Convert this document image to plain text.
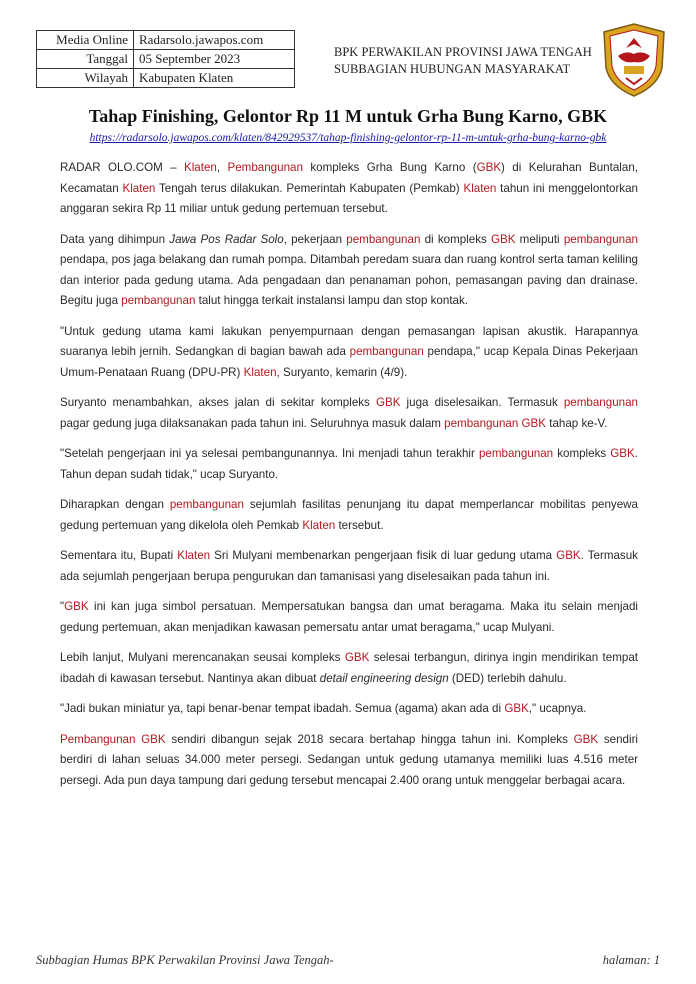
Media Online	Radarsolo.jawapos.com
Tanggal	05 September 2023
Wilayah	Kabupaten Klaten
BPK PERWAKILAN PROVINSI JAWA TENGAH
SUBBAGIAN HUBUNGAN MASYARAKAT
Tahap Finishing, Gelontor Rp 11 M untuk Grha Bung Karno, GBK
https://radarsolo.jawapos.com/klaten/842929537/tahap-finishing-gelontor-rp-11-m-untuk-grha-bung-karno-gbk

RADAR OLO.COM – Klaten, Pembangunan kompleks Grha Bung Karno (GBK) di Kelurahan Buntalan, Kecamatan Klaten Tengah terus dilakukan. Pemerintah Kabupaten (Pemkab) Klaten tahun ini menggelontorkan anggaran sekira Rp 11 miliar untuk gedung pertemuan tersebut.

Data yang dihimpun Jawa Pos Radar Solo, pekerjaan pembangunan di kompleks GBK meliputi pembangunan pendapa, pos jaga belakang dan rumah pompa. Ditambah peredam suara dan ruang kontrol serta taman keliling dan interior pada gedung utama. Ada pengadaan dan penanaman pohon, pemasangan paving dan drainase. Begitu juga pembangunan talut hingga terkait instalansi lampu dan stop kontak.

"Untuk gedung utama kami lakukan penyempurnaan dengan pemasangan lapisan akustik. Harapannya suaranya lebih jernih. Sedangkan di bagian bawah ada pembangunan pendapa," ucap Kepala Dinas Pekerjaan Umum-Penataan Ruang (DPU-PR) Klaten, Suryanto, kemarin (4/9).

Suryanto menambahkan, akses jalan di sekitar kompleks GBK juga diselesaikan. Termasuk pembangunan pagar gedung juga dilaksanakan pada tahun ini. Seluruhnya masuk dalam pembangunan GBK tahap ke-V.

"Setelah pengerjaan ini ya selesai pembangunannya. Ini menjadi tahun terakhir pembangunan kompleks GBK. Tahun depan sudah tidak," ucap Suryanto.

Diharapkan dengan pembangunan sejumlah fasilitas penunjang itu dapat memperlancar mobilitas penyewa gedung pertemuan yang dikelola oleh Pemkab Klaten tersebut.

Sementara itu, Bupati Klaten Sri Mulyani membenarkan pengerjaan fisik di luar gedung utama GBK. Termasuk ada sejumlah pengerjaan berupa pengurukan dan tamanisasi yang diselesaikan pada tahun ini.

"GBK ini kan juga simbol persatuan. Mempersatukan bangsa dan umat beragama. Maka itu selain menjadi gedung pertemuan, akan menjadikan kawasan pemersatu antar umat beragama," ucap Mulyani.

Lebih lanjut, Mulyani merencanakan seusai kompleks GBK selesai terbangun, dirinya ingin mendirikan tempat ibadah di kawasan tersebut. Nantinya akan dibuat detail engineering design (DED) terlebih dahulu.

"Jadi bukan miniatur ya, tapi benar-benar tempat ibadah. Semua (agama) akan ada di GBK," ucapnya.

Pembangunan GBK sendiri dibangun sejak 2018 secara bertahap hingga tahun ini. Kompleks GBK sendiri berdiri di lahan seluas 34.000 meter persegi. Sedangan untuk gedung utamanya memiliki luas 4.516 meter persegi. Ada pun daya tampung dari gedung tersebut mencapai 2.400 orang untuk menggelar berbagai acara.

Subbagian Humas BPK Perwakilan Provinsi Jawa Tengah-	halaman: 1
